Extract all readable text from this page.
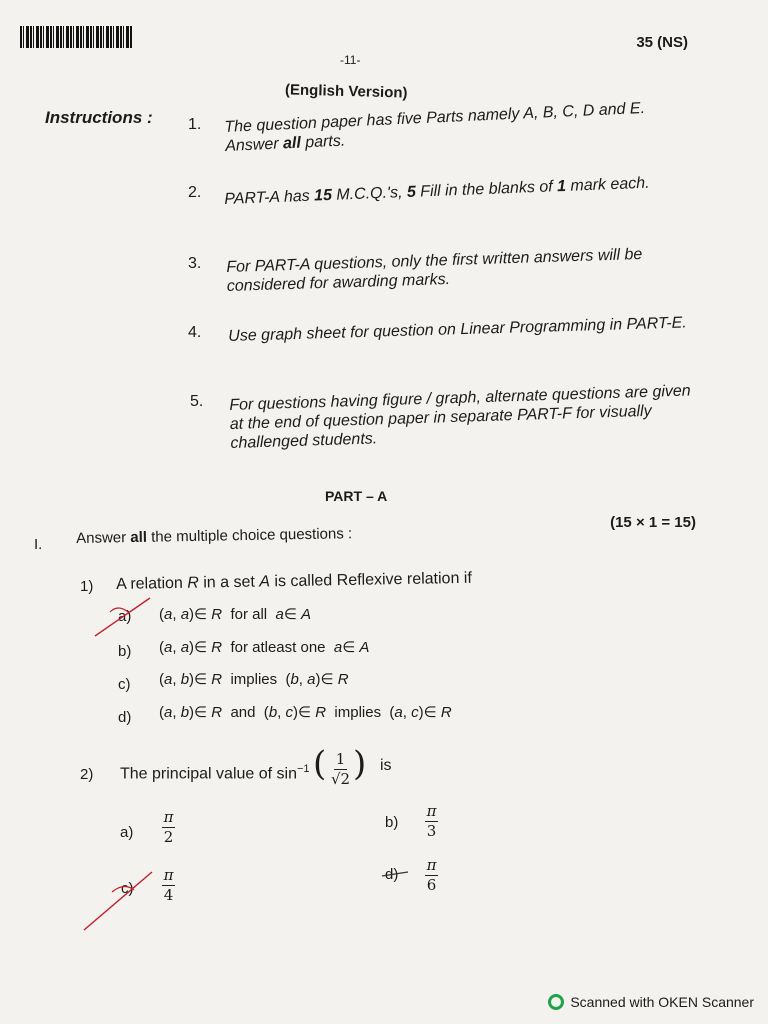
35 (NS)
-11-
(English Version)
Instructions : 1. The question paper has five Parts namely A, B, C, D and E. Answer all parts.
2. PART-A has 15 M.C.Q.'s, 5 Fill in the blanks of 1 mark each.
3. For PART-A questions, only the first written answers will be considered for awarding marks.
4. Use graph sheet for question on Linear Programming in PART-E.
5. For questions having figure / graph, alternate questions are given at the end of question paper in separate PART-F for visually challenged students.
PART – A
(15 × 1 = 15)
I. Answer all the multiple choice questions :
1) A relation R in a set A is called Reflexive relation if
a) (a, a)∈ R  for all  a∈ A
b) (a, a)∈ R  for atleast one  a∈ A
c) (a, b)∈ R  implies  (b, a)∈ R
d) (a, b)∈ R  and  (b, c)∈ R  implies  (a, c)∈ R
2) The principal value of $\sin^{-1}$ ( 1
√2 ) is
a)
π
2
b)
π
3
c)
π
4
d)
π
6
Scanned with OKEN Scanner
